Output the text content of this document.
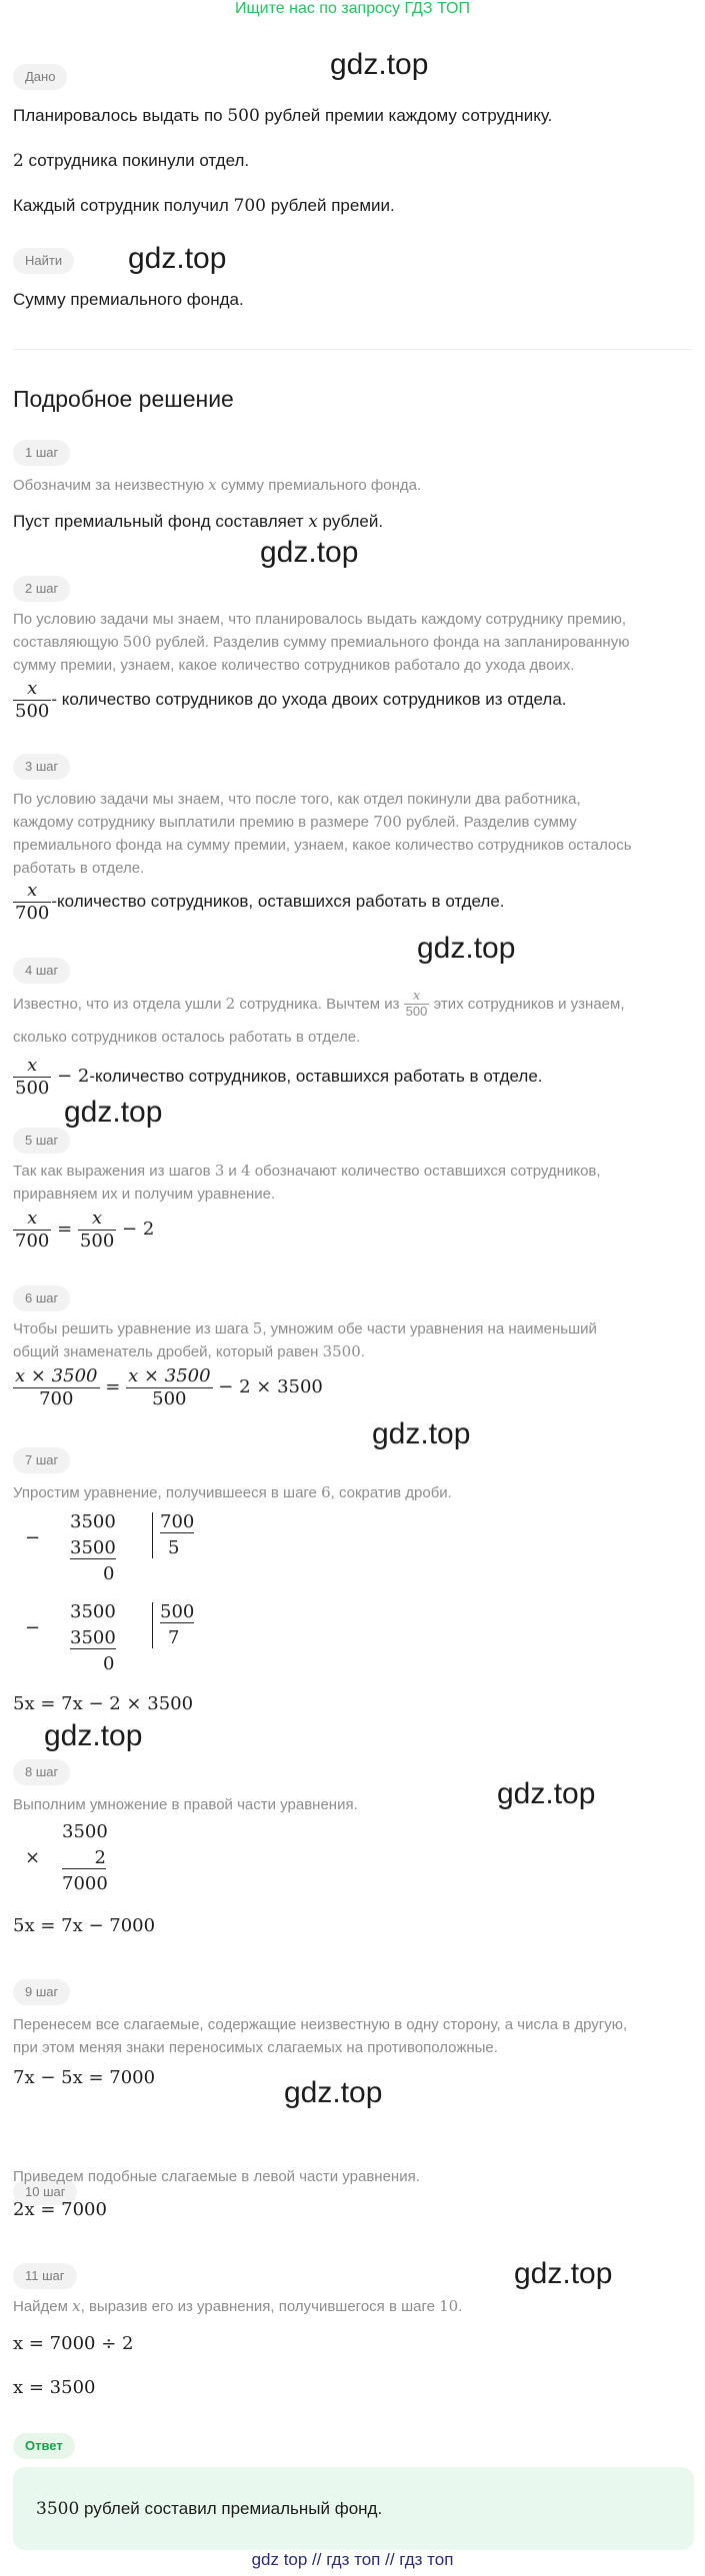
Ищите нас по запросу ГДЗ ТОП
gdz.top
gdz.top
gdz.top
gdz.top
gdz.top
gdz.top
gdz.top
gdz.top
gdz.top
gdz.top
Дано
Планировалось выдать по 500 рублей премии каждому сотруднику.
2 сотрудника покинули отдел.
Каждый сотрудник получил 700 рублей премии.
Найти
Сумму премиального фонда.
Подробное решение
1 шаг
Обозначим за неизвестную x сумму премиального фонда.
Пуст премиальный фонд составляет x рублей.
2 шаг
По условию задачи мы знаем, что планировалось выдать каждому сотруднику премию,
составляющую 500 рублей. Разделив сумму премиального фонда на запланированную
сумму премии, узнаем, какое количество сотрудников работало до ухода двоих.
$\frac{x}{500}$ - количество сотрудников до ухода двоих сотрудников из отдела.
3 шаг
По условию задачи мы знаем, что после того, как отдел покинули два работника,
каждому сотруднику выплатили премию в размере 700 рублей. Разделив сумму
премиального фонда на сумму премии, узнаем, какое количество сотрудников осталось
работать в отделе.
$\frac{x}{700}$ -количество сотрудников, оставшихся работать в отделе.
4 шаг
Известно, что из отдела ушли 2 сотрудника. Вычтем из $\frac{x}{500}$ этих сотрудников и узнаем,
сколько сотрудников осталось работать в отделе.
$\frac{x}{500}$ − 2-количество сотрудников, оставшихся работать в отделе.
5 шаг
Так как выражения из шагов 3 и 4 обозначают количество оставшихся сотрудников,
приравняем их и получим уравнение.
$\frac{x}{700} = \frac{x}{500} - 2$
6 шаг
Чтобы решить уравнение из шага 5, умножим обе части уравнения на наименьший
общий знаменатель дробей, который равен 3500.
$\frac{x \times 3500}{700} = \frac{x \times 3500}{500} - 2 \times 3500$
7 шаг
Упростим уравнение, получившееся в шаге 6, сократив дроби.
−
3500
3500
0
700
5
−
3500
3500
0
500
7
5x = 7x − 2 × 3500
8 шаг
Выполним умножение в правой части уравнения.
×
3500
2
7000
5x = 7x − 7000
9 шаг
Перенесем все слагаемые, содержащие неизвестную в одну сторону, а числа в другую,
при этом меняя знаки переносимых слагаемых на противоположные.
7x − 5x = 7000
10 шаг
Приведем подобные слагаемые в левой части уравнения.
2x = 7000
11 шаг
Найдем x, выразив его из уравнения, получившегося в шаге 10.
x = 7000 ÷ 2
x = 3500
Ответ
3500 рублей составил премиальный фонд.
gdz top // гдз топ // гдз топ
